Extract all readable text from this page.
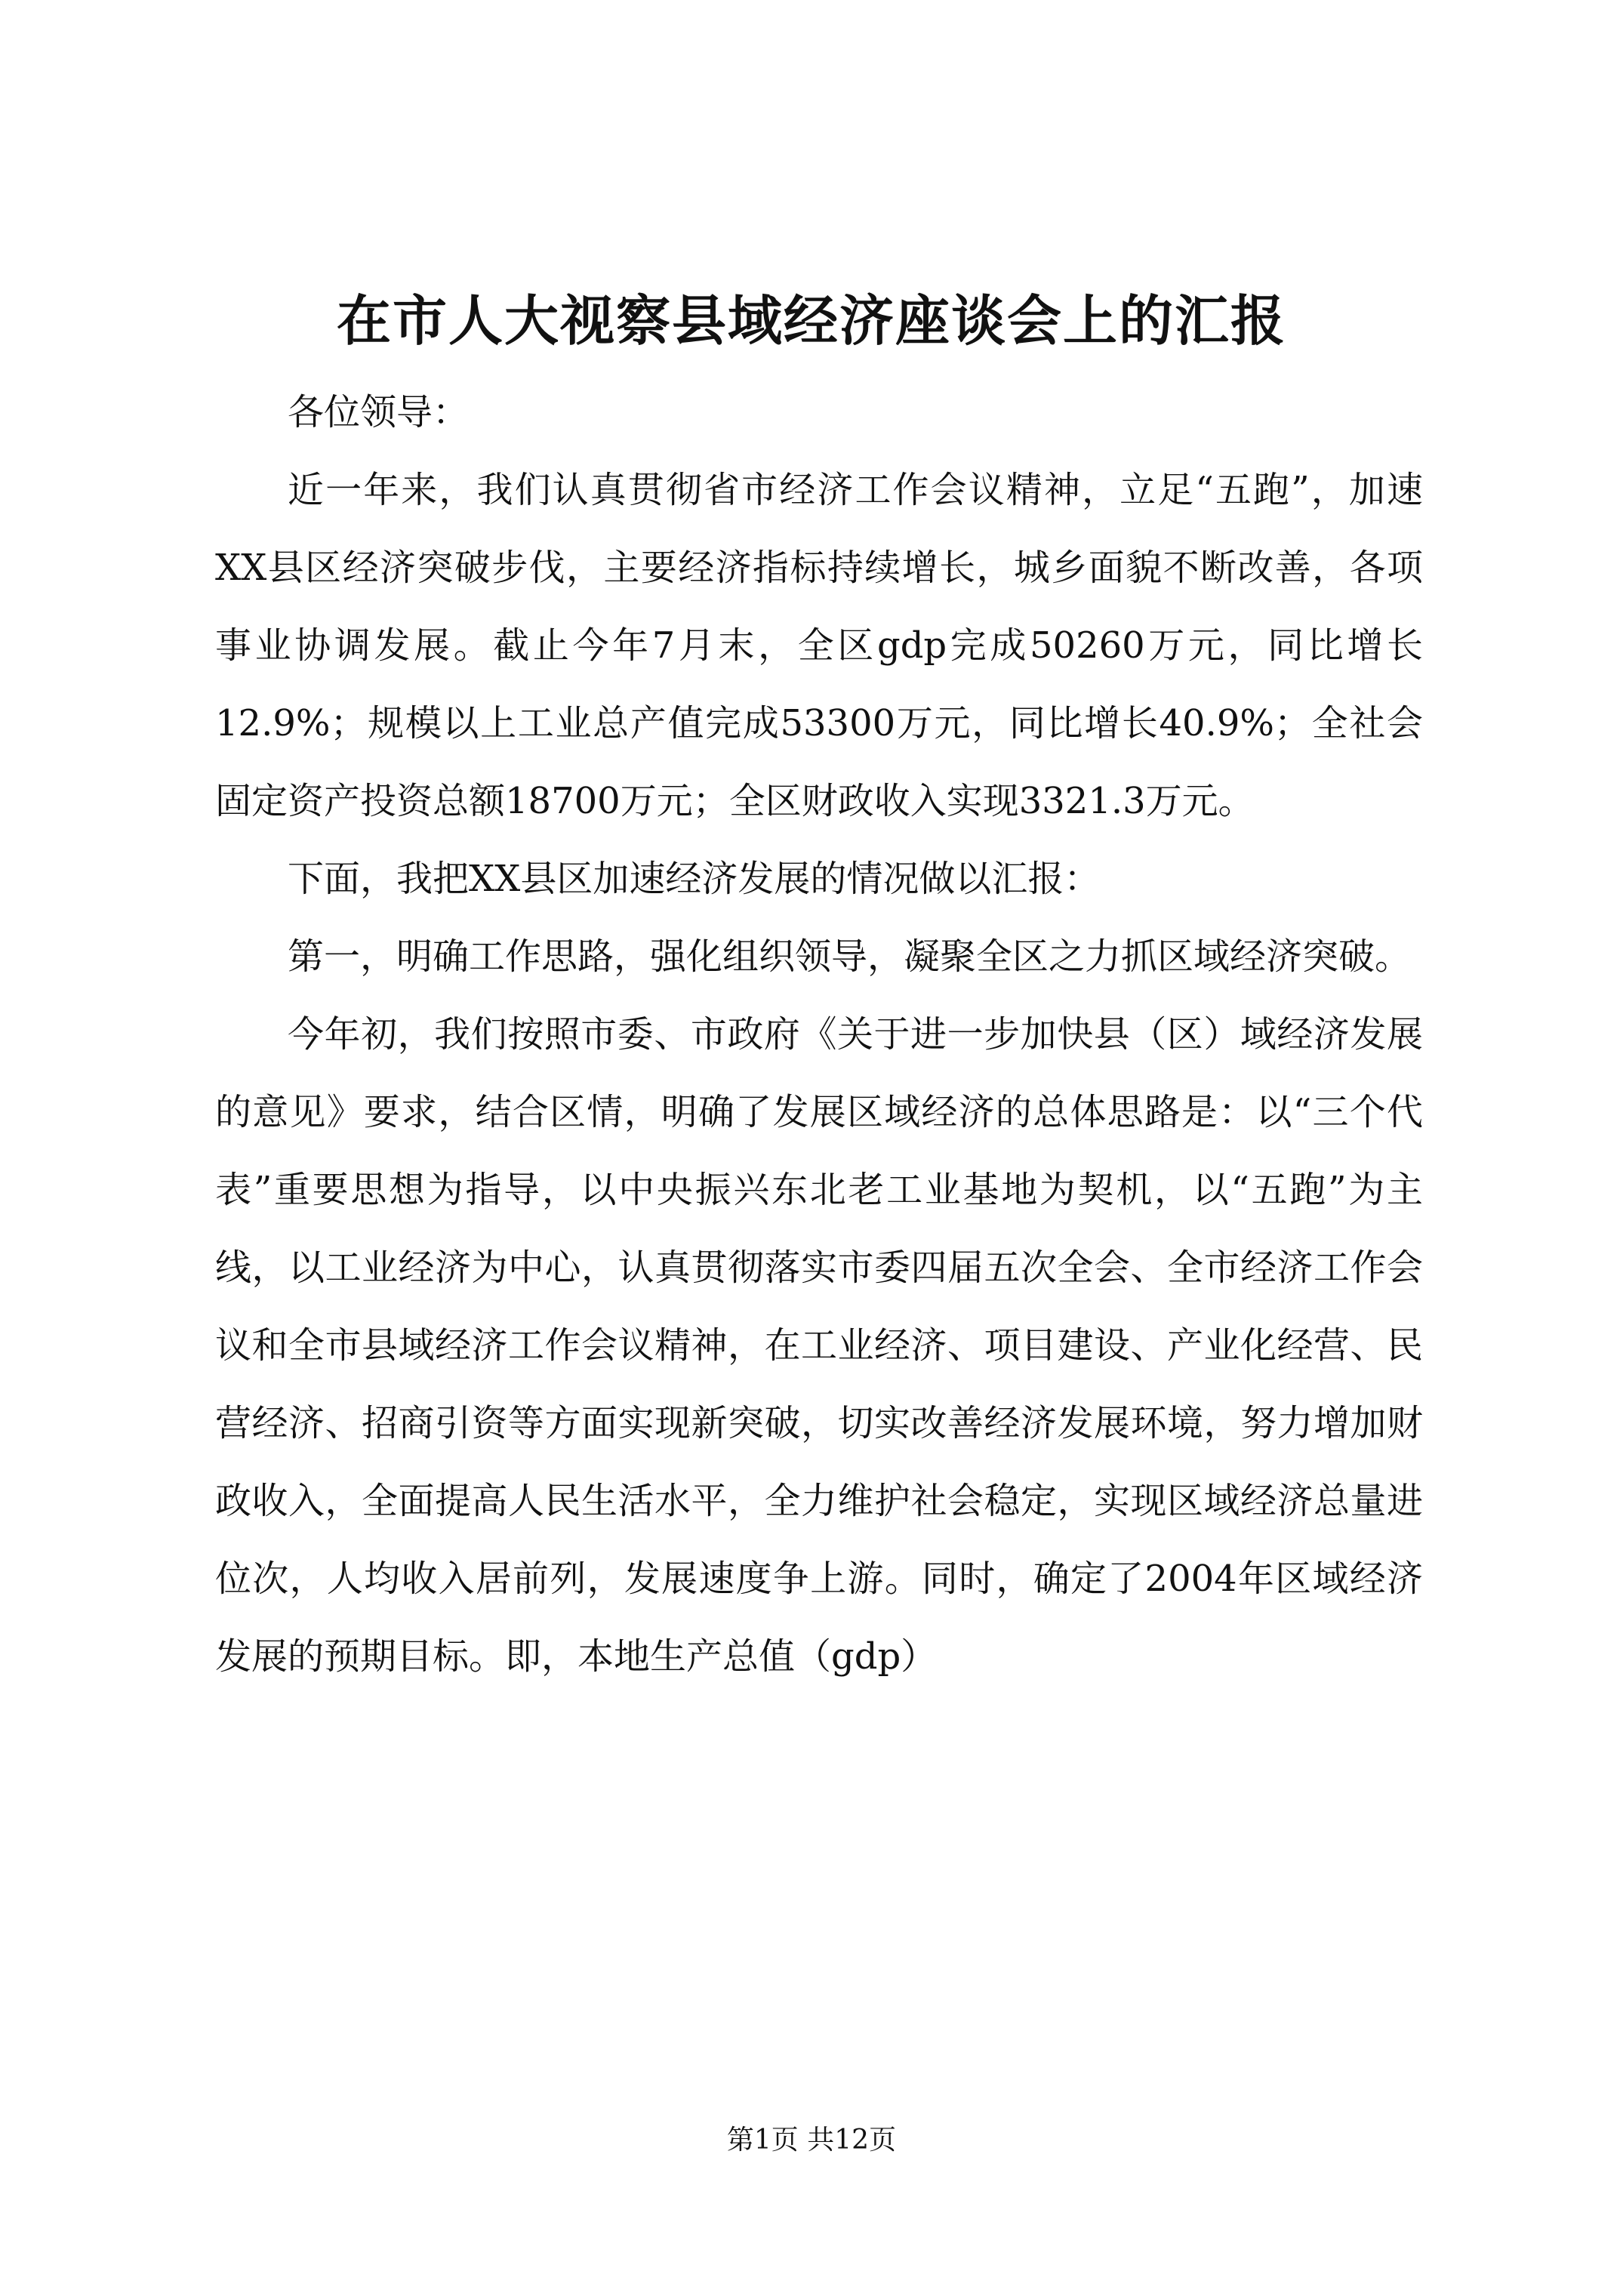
在市人大视察县域经济座谈会上的汇报

各位领导：

近一年来，我们认真贯彻省市经济工作会议精神，立足“五跑”，加速XX县区经济突破步伐，主要经济指标持续增长，城乡面貌不断改善，各项事业协调发展。截止今年7月末，全区gdp完成50260万元，同比增长12.9%；规模以上工业总产值完成53300万元，同比增长40.9%；全社会固定资产投资总额18700万元；全区财政收入实现3321.3万元。

下面，我把XX县区加速经济发展的情况做以汇报：

第一，明确工作思路，强化组织领导，凝聚全区之力抓区域经济突破。

今年初，我们按照市委、市政府《关于进一步加快县（区）域经济发展的意见》要求，结合区情，明确了发展区域经济的总体思路是：以“三个代表”重要思想为指导，以中央振兴东北老工业基地为契机，以“五跑”为主线，以工业经济为中心，认真贯彻落实市委四届五次全会、全市经济工作会议和全市县域经济工作会议精神，在工业经济、项目建设、产业化经营、民营经济、招商引资等方面实现新突破，切实改善经济发展环境，努力增加财政收入，全面提高人民生活水平，全力维护社会稳定，实现区域经济总量进位次，人均收入居前列，发展速度争上游。同时，确定了2004年区域经济发展的预期目标。即，本地生产总值（gdp）

第1页 共12页
